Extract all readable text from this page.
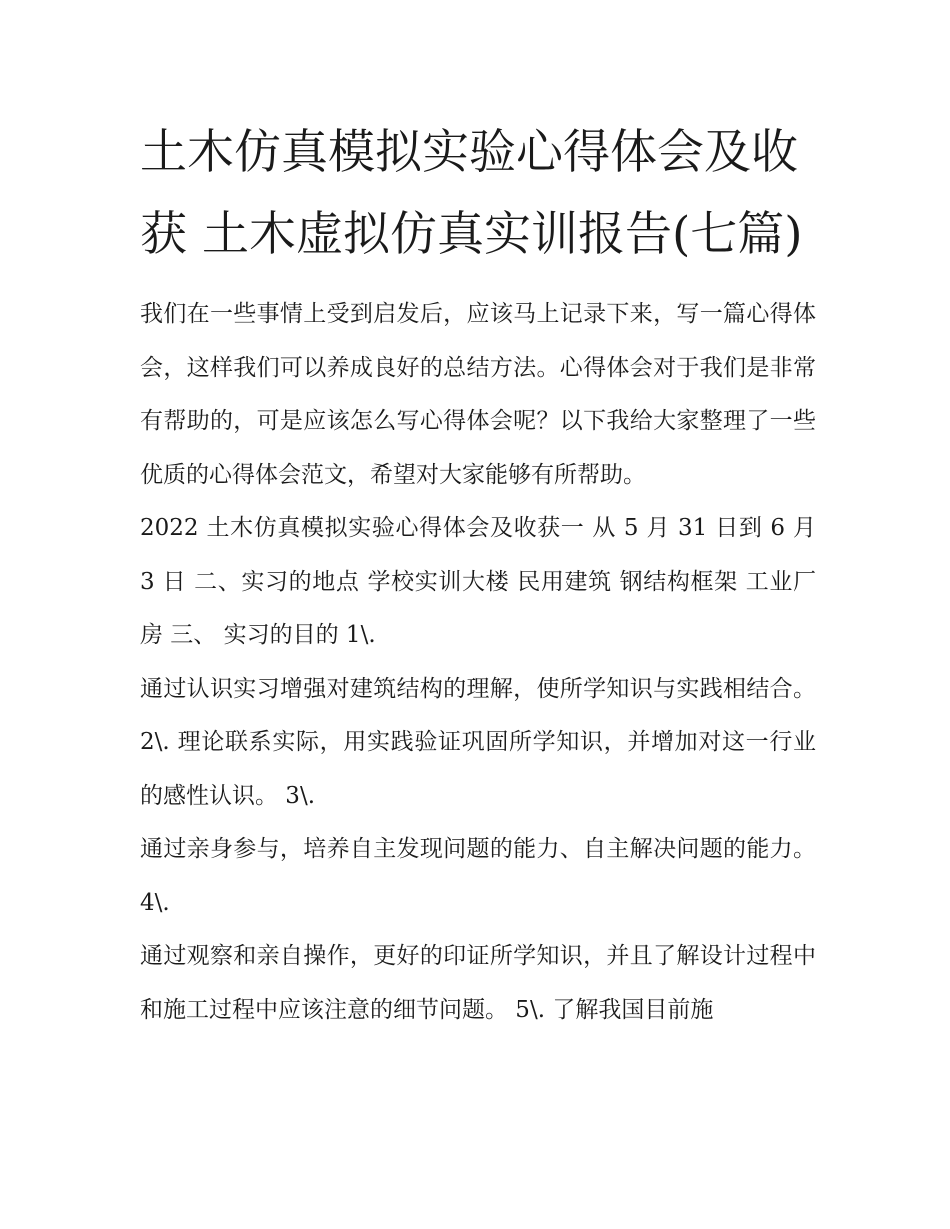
土木仿真模拟实验心得体会及收获 土木虚拟仿真实训报告(七篇)

我们在一些事情上受到启发后，应该马上记录下来，写一篇心得体会，这样我们可以养成良好的总结方法。心得体会对于我们是非常有帮助的，可是应该怎么写心得体会呢？以下我给大家整理了一些优质的心得体会范文，希望对大家能够有所帮助。

2022 土木仿真模拟实验心得体会及收获一 从 5 月 31 日到 6 月 3 日 二、实习的地点 学校实训大楼 民用建筑 钢结构框架 工业厂房 三、 实习的目的 1\.

通过认识实习增强对建筑结构的理解，使所学知识与实践相结合。 2\. 理论联系实际，用实践验证巩固所学知识，并增加对这一行业的感性认识。 3\.

通过亲身参与，培养自主发现问题的能力、自主解决问题的能力。 4\.

通过观察和亲自操作，更好的印证所学知识，并且了解设计过程中和施工过程中应该注意的细节问题。 5\. 了解我国目前施
